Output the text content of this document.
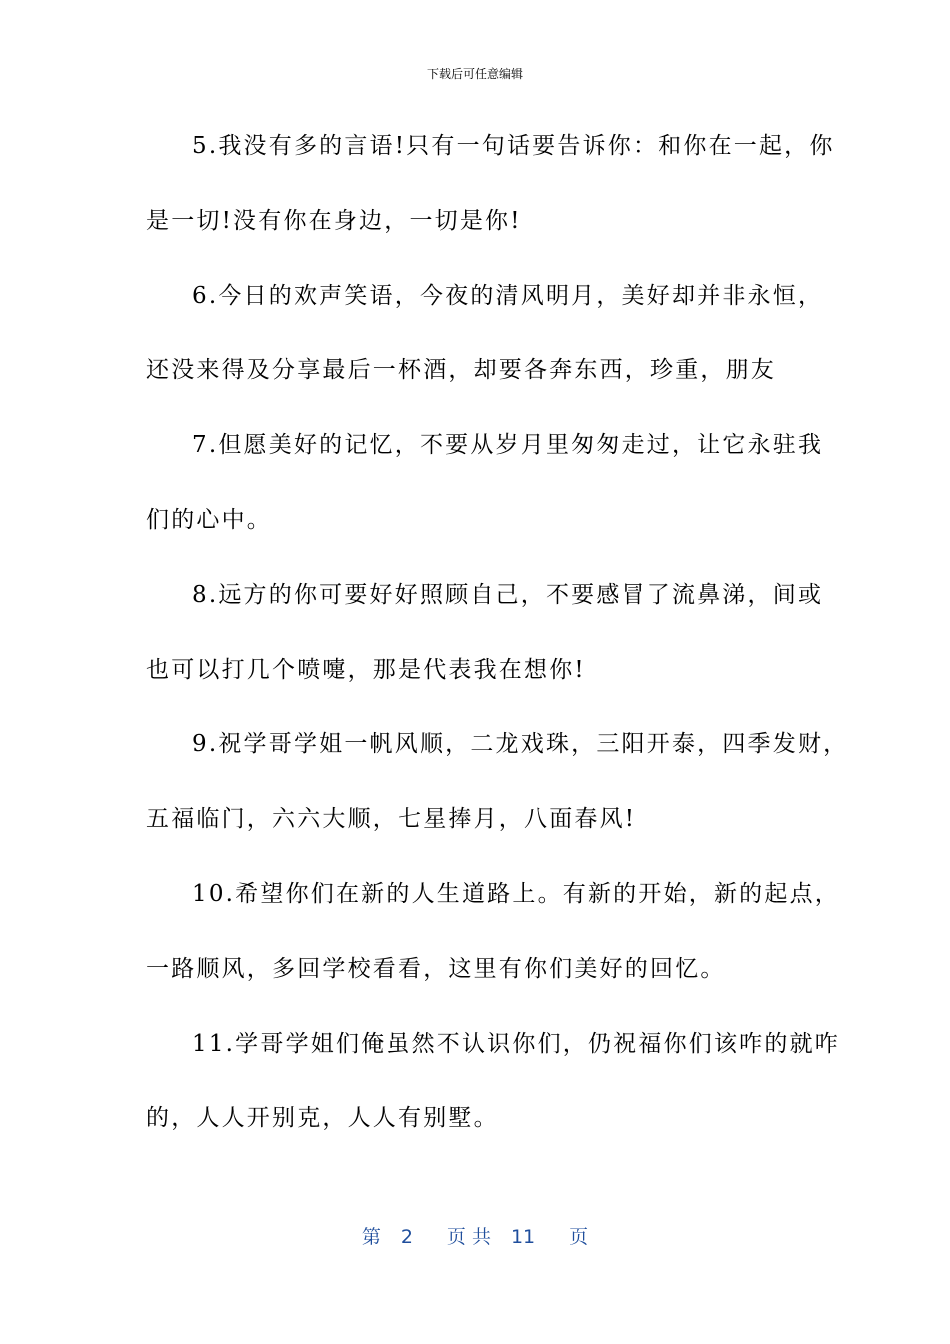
下载后可任意编辑
5.我没有多的言语!只有一句话要告诉你：和你在一起，你
是一切!没有你在身边，一切是你!
6.今日的欢声笑语，今夜的清风明月，美好却并非永恒，
还没来得及分享最后一杯酒，却要各奔东西，珍重，朋友
7.但愿美好的记忆，不要从岁月里匆匆走过，让它永驻我
们的心中。
8.远方的你可要好好照顾自己，不要感冒了流鼻涕，间或
也可以打几个喷嚏，那是代表我在想你!
9.祝学哥学姐一帆风顺，二龙戏珠，三阳开泰，四季发财，
五福临门，六六大顺，七星捧月，八面春风!
10.希望你们在新的人生道路上。有新的开始，新的起点，
一路顺风，多回学校看看，这里有你们美好的回忆。
11.学哥学姐们俺虽然不认识你们，仍祝福你们该咋的就咋
的，人人开别克，人人有别墅。
第 2 页 共 11 页
